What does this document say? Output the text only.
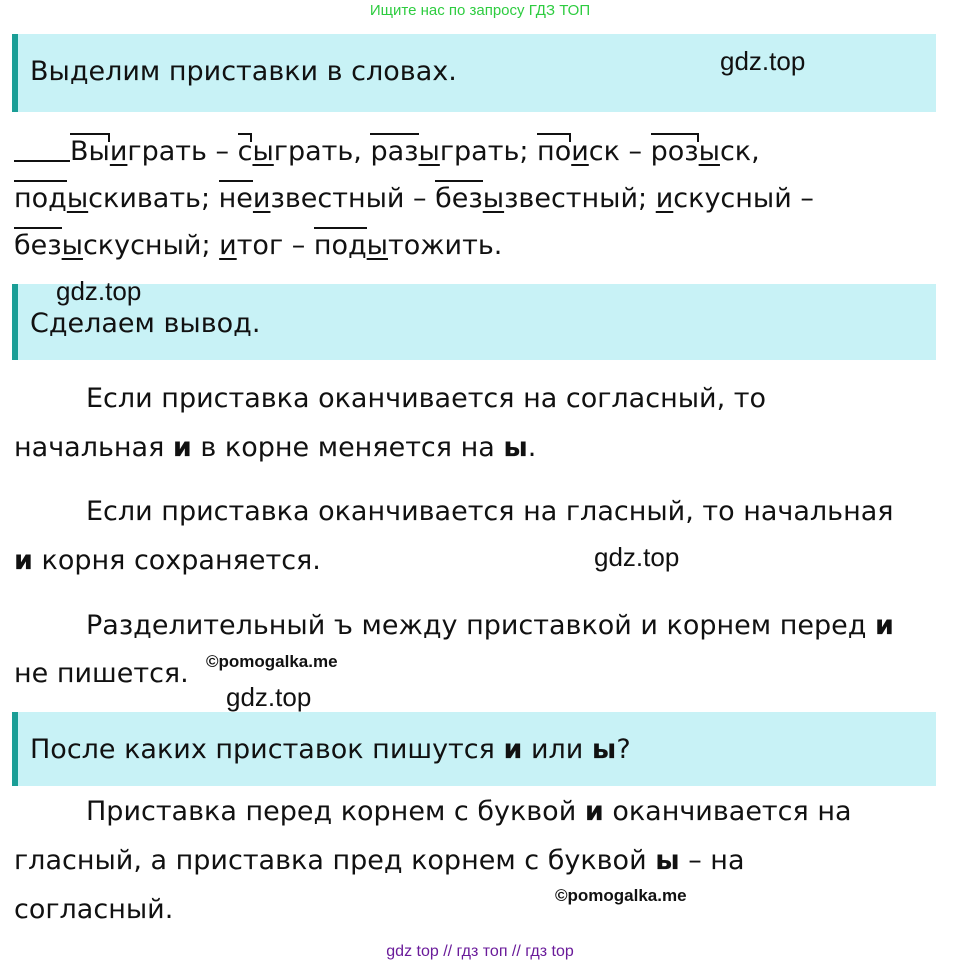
Ищите нас по запросу ГДЗ ТОП
Выделим приставки в словах.	gdz.top
Выиграть – сыграть, разыграть; поиск – розыск,
подыскивать; неизвестный – безызвестный; искусный –
безыскусный; итог – подытожить.
gdz.top
Сделаем вывод.
Если приставка оканчивается на согласный, то
начальная и в корне меняется на ы.
Если приставка оканчивается на гласный, то начальная
и корня сохраняется.	gdz.top
Разделительный ъ между приставкой и корнем перед и
©pomogalka.me
не пишется.
gdz.top
После каких приставок пишутся и или ы?
Приставка перед корнем с буквой и оканчивается на
гласный, а приставка пред корнем с буквой ы – на
©pomogalka.me
согласный.
gdz top // гдз топ // гдз top
